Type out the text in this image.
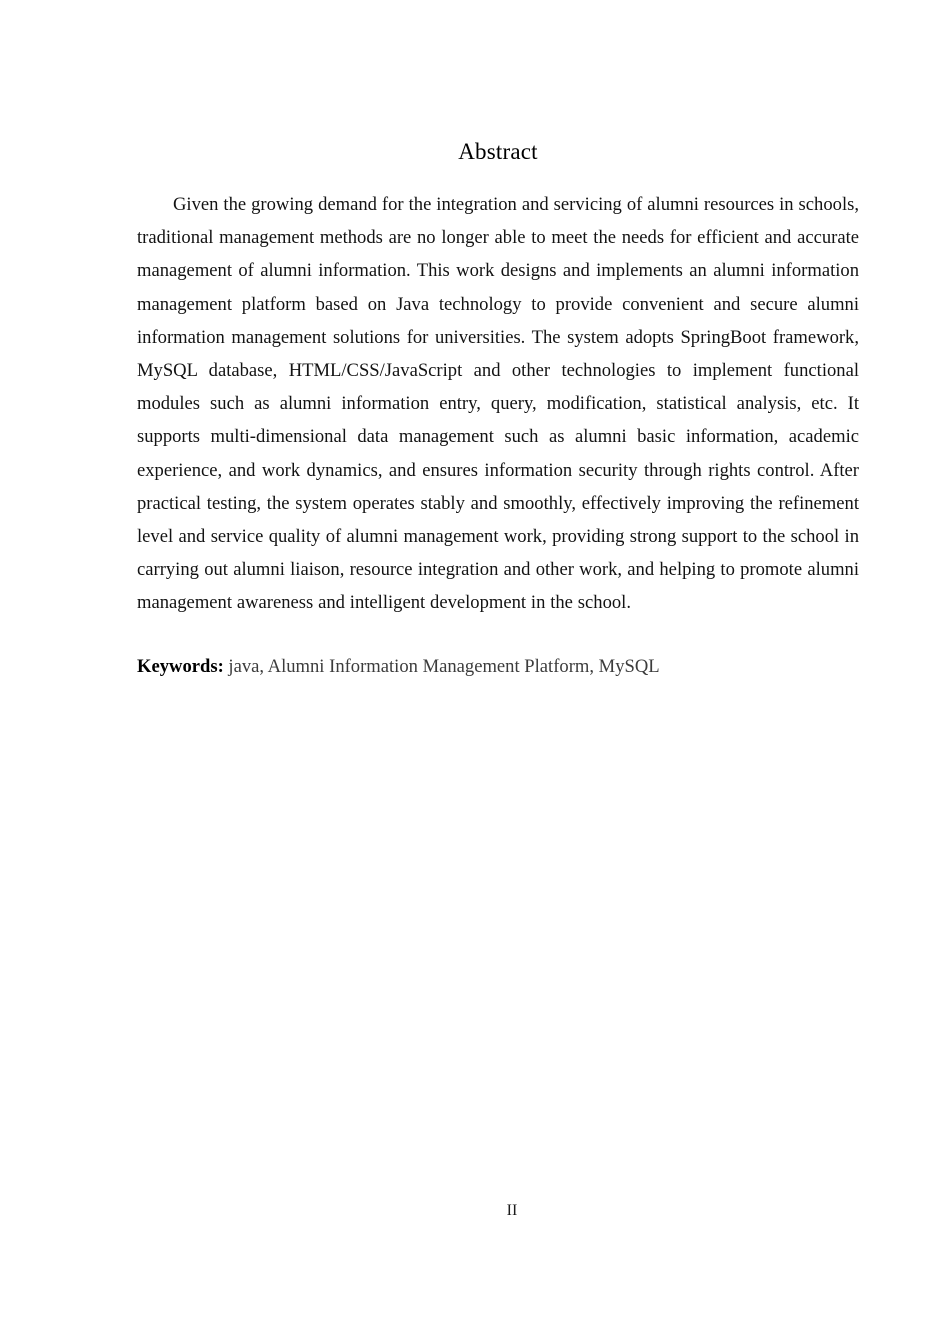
Abstract

Given the growing demand for the integration and servicing of alumni resources in schools, traditional management methods are no longer able to meet the needs for efficient and accurate management of alumni information. This work designs and implements an alumni information management platform based on Java technology to provide convenient and secure alumni information management solutions for universities. The system adopts SpringBoot framework, MySQL database, HTML/CSS/JavaScript and other technologies to implement functional modules such as alumni information entry, query, modification, statistical analysis, etc. It supports multi-dimensional data management such as alumni basic information, academic experience, and work dynamics, and ensures information security through rights control. After practical testing, the system operates stably and smoothly, effectively improving the refinement level and service quality of alumni management work, providing strong support to the school in carrying out alumni liaison, resource integration and other work, and helping to promote alumni management awareness and intelligent development in the school.

Keywords: java, Alumni Information Management Platform, MySQL

II
